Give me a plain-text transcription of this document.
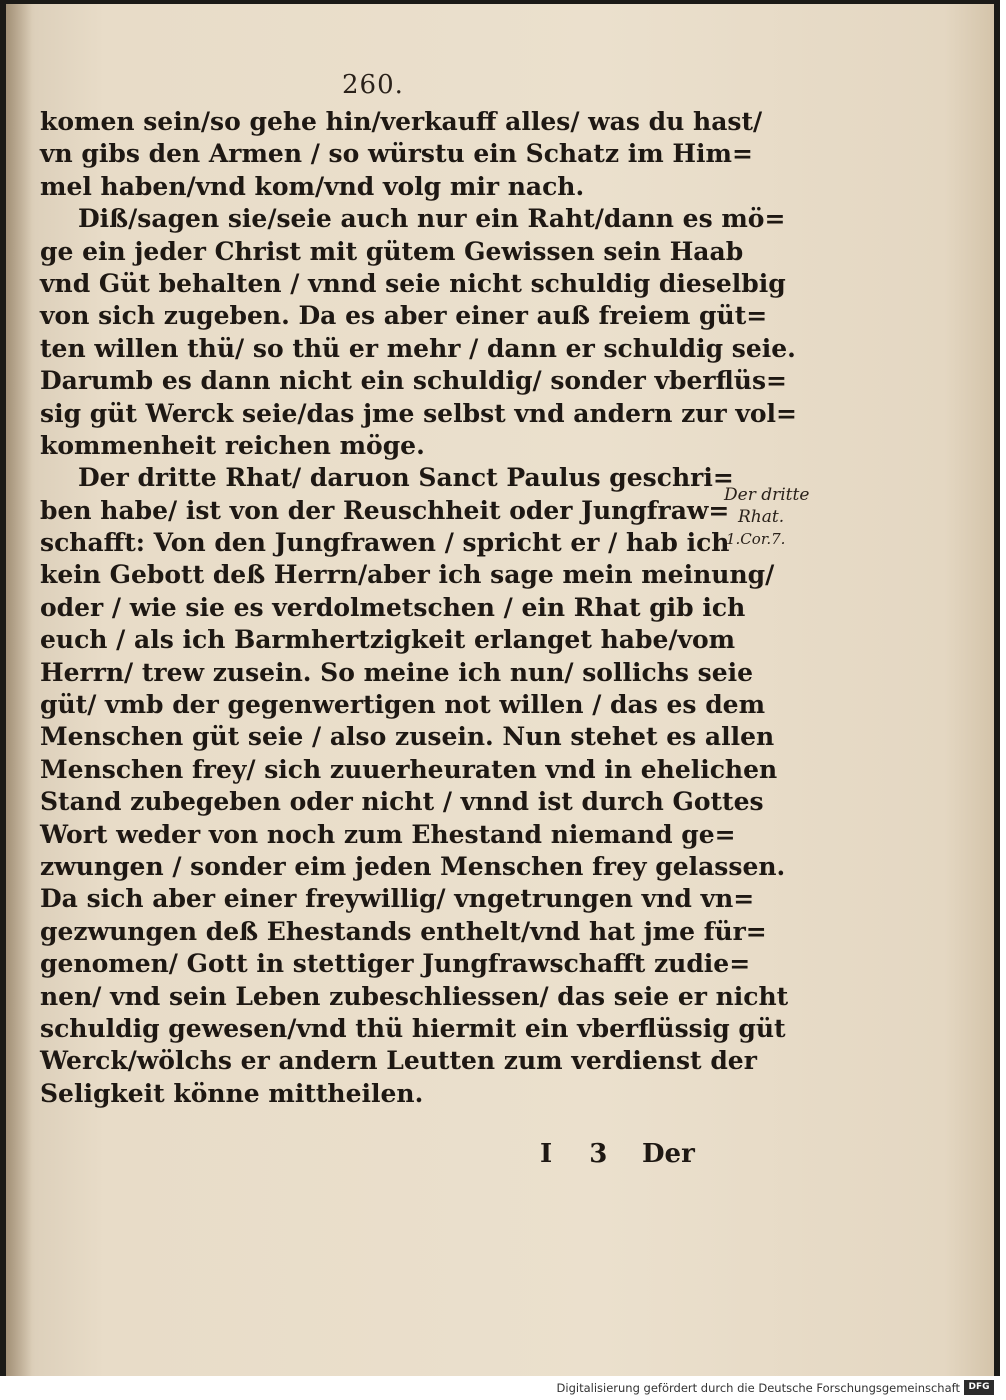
260.
komen sein/so gehe hin/verkauff alles/ was du hast/
vn gibs den Armen / so würstu ein Schatz im Him=
mel haben/vnd kom/vnd volg mir nach.
Diß/sagen sie/seie auch nur ein Raht/dann es mö=
ge ein jeder Christ mit gütem Gewissen sein Haab
vnd Güt behalten / vnnd seie nicht schuldig dieselbig
von sich zugeben. Da es aber einer auß freiem güt=
ten willen thü/ so thü er mehr / dann er schuldig seie.
Darumb es dann nicht ein schuldig/ sonder vberflüs=
sig güt Werck seie/das jme selbst vnd andern zur vol=
kommenheit reichen möge.
Der dritte Rhat/ daruon Sanct Paulus geschri=
ben habe/ ist von der Reuschheit oder Jungfraw=
schafft: Von den Jungfrawen / spricht er / hab ich
kein Gebott deß Herrn/aber ich sage mein meinung/
oder / wie sie es verdolmetschen / ein Rhat gib ich
euch / als ich Barmhertzigkeit erlanget habe/vom
Herrn/ trew zusein. So meine ich nun/ sollichs seie
güt/ vmb der gegenwertigen not willen / das es dem
Menschen güt seie / also zusein. Nun stehet es allen
Menschen frey/ sich zuuerheuraten vnd in ehelichen
Stand zubegeben oder nicht / vnnd ist durch Gottes
Wort weder von noch zum Ehestand niemand ge=
zwungen / sonder eim jeden Menschen frey gelassen.
Da sich aber einer freywillig/ vngetrungen vnd vn=
gezwungen deß Ehestands enthelt/vnd hat jme für=
genomen/ Gott in stettiger Jungfrawschafft zudie=
nen/ vnd sein Leben zubeschliessen/ das seie er nicht
schuldig gewesen/vnd thü hiermit ein vberflüssig güt
Werck/wölchs er andern Leutten zum verdienst der
Seligkeit könne mittheilen.
Der dritte
Rhat.
1.Cor.7.
I 3 Der
Digitalisierung gefördert durch die Deutsche Forschungsgemeinschaft DFG
